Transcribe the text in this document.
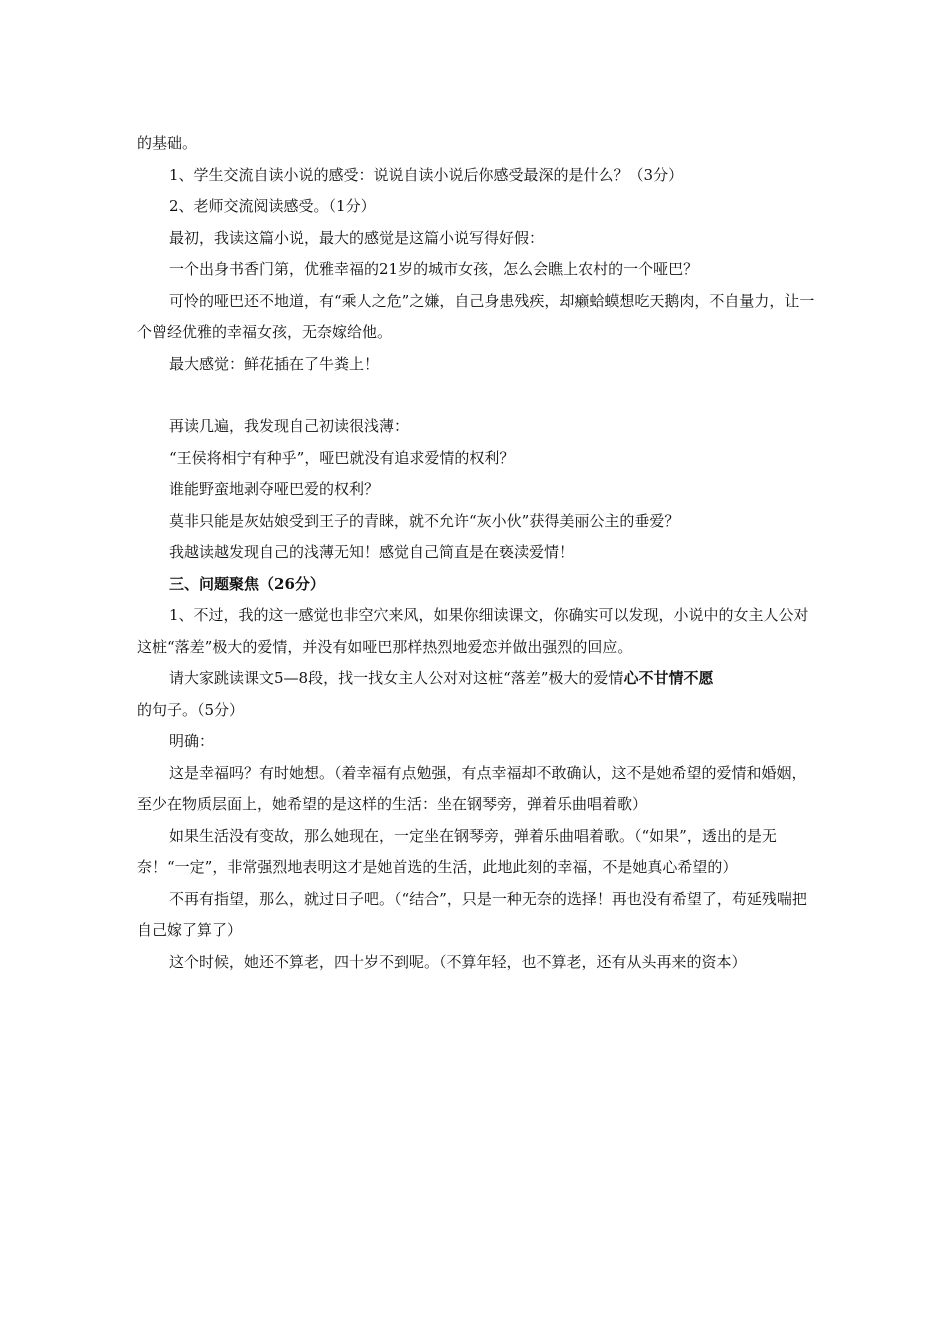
的基础。

1、学生交流自读小说的感受：说说自读小说后你感受最深的是什么？（3分）

2、老师交流阅读感受。（1分）

最初，我读这篇小说，最大的感觉是这篇小说写得好假：

一个出身书香门第，优雅幸福的21岁的城市女孩，怎么会瞧上农村的一个哑巴？

可怜的哑巴还不地道，有“乘人之危”之嫌，自己身患残疾，却癞蛤蟆想吃天鹅肉，不自量力，让一个曾经优雅的幸福女孩，无奈嫁给他。

最大感觉：鲜花插在了牛粪上！

再读几遍，我发现自己初读很浅薄：

“王侯将相宁有种乎”，哑巴就没有追求爱情的权利？

谁能野蛮地剥夺哑巴爱的权利？

莫非只能是灰姑娘受到王子的青睐，就不允许“灰小伙”获得美丽公主的垂爱？

我越读越发现自己的浅薄无知！感觉自己简直是在亵渎爱情！

三、问题聚焦（26分）

1、不过，我的这一感觉也非空穴来风，如果你细读课文，你确实可以发现，小说中的女主人公对这桩“落差”极大的爱情，并没有如哑巴那样热烈地爱恋并做出强烈的回应。

请大家跳读课文5—8段，找一找女主人公对对这桩“落差”极大的爱情心不甘情不愿的句子。（5分）

明确：

这是幸福吗？有时她想。（着幸福有点勉强，有点幸福却不敢确认，这不是她希望的爱情和婚姻，至少在物质层面上，她希望的是这样的生活：坐在钢琴旁，弹着乐曲唱着歌）

如果生活没有变故，那么她现在，一定坐在钢琴旁，弹着乐曲唱着歌。（“如果”，透出的是无奈！“一定”，非常强烈地表明这才是她首选的生活，此地此刻的幸福，不是她真心希望的）

不再有指望，那么，就过日子吧。（“结合”，只是一种无奈的选择！再也没有希望了，苟延残喘把自己嫁了算了）

这个时候，她还不算老，四十岁不到呢。（不算年轻，也不算老，还有从头再来的资本）
